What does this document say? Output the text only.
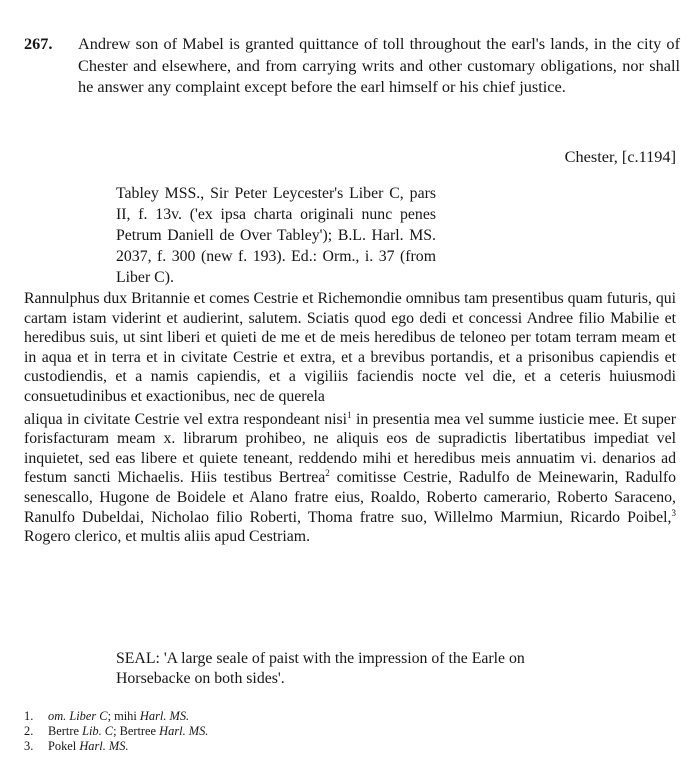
267. Andrew son of Mabel is granted quittance of toll throughout the earl's lands, in the city of Chester and elsewhere, and from carrying writs and other customary obligations, nor shall he answer any complaint except before the earl himself or his chief justice.
Chester, [c.1194]
Tabley MSS., Sir Peter Leycester's Liber C, pars II, f. 13v. ('ex ipsa charta originali nunc penes Petrum Daniell de Over Tabley'); B.L. Harl. MS. 2037, f. 300 (new f. 193). Ed.: Orm., i. 37 (from Liber C).

Rannulphus dux Britannie et comes Cestrie et Richemondie omnibus tam presentibus quam futuris, qui cartam istam viderint et audierint, salutem. Sciatis quod ego dedi et concessi Andree filio Mabilie et heredibus suis, ut sint liberi et quieti de me et de meis heredibus de teloneo per totam terram meam et in aqua et in terra et in civitate Cestrie et extra, et a brevibus portandis, et a prisonibus capiendis et custodiendis, et a namis capiendis, et a vigiliis faciendis nocte vel die, et a ceteris huiusmodi consuetudinibus et exactionibus, nec de querela

aliqua in civitate Cestrie vel extra respondeant nisi$^1$ in presentia mea vel summe iusticie mee. Et super forisfacturam meam x. librarum prohibeo, ne aliquis eos de supradictis libertatibus impediat vel inquietet, sed eas libere et quiete teneant, reddendo mihi et heredibus meis annuatim vi. denarios ad festum sancti Michaelis. Hiis testibus Bertrea$^2$ comitisse Cestrie, Radulfo de Meinewarin, Radulfo senescallo, Hugone de Boidele et Alano fratre eius, Roaldo, Roberto camerario, Roberto Saraceno, Ranulfo Dubeldai, Nicholao filio Roberti, Thoma fratre suo, Willelmo Marmiun, Ricardo Poibel,$^3$ Rogero clerico, et multis aliis apud Cestriam.

SEAL: 'A large seale of paist with the impression of the Earle on Horsebacke on both sides'.
1. om. Liber C; mihi Harl. MS.
2. Bertre Lib. C; Bertree Harl. MS.
3. Pokel Harl. MS.
